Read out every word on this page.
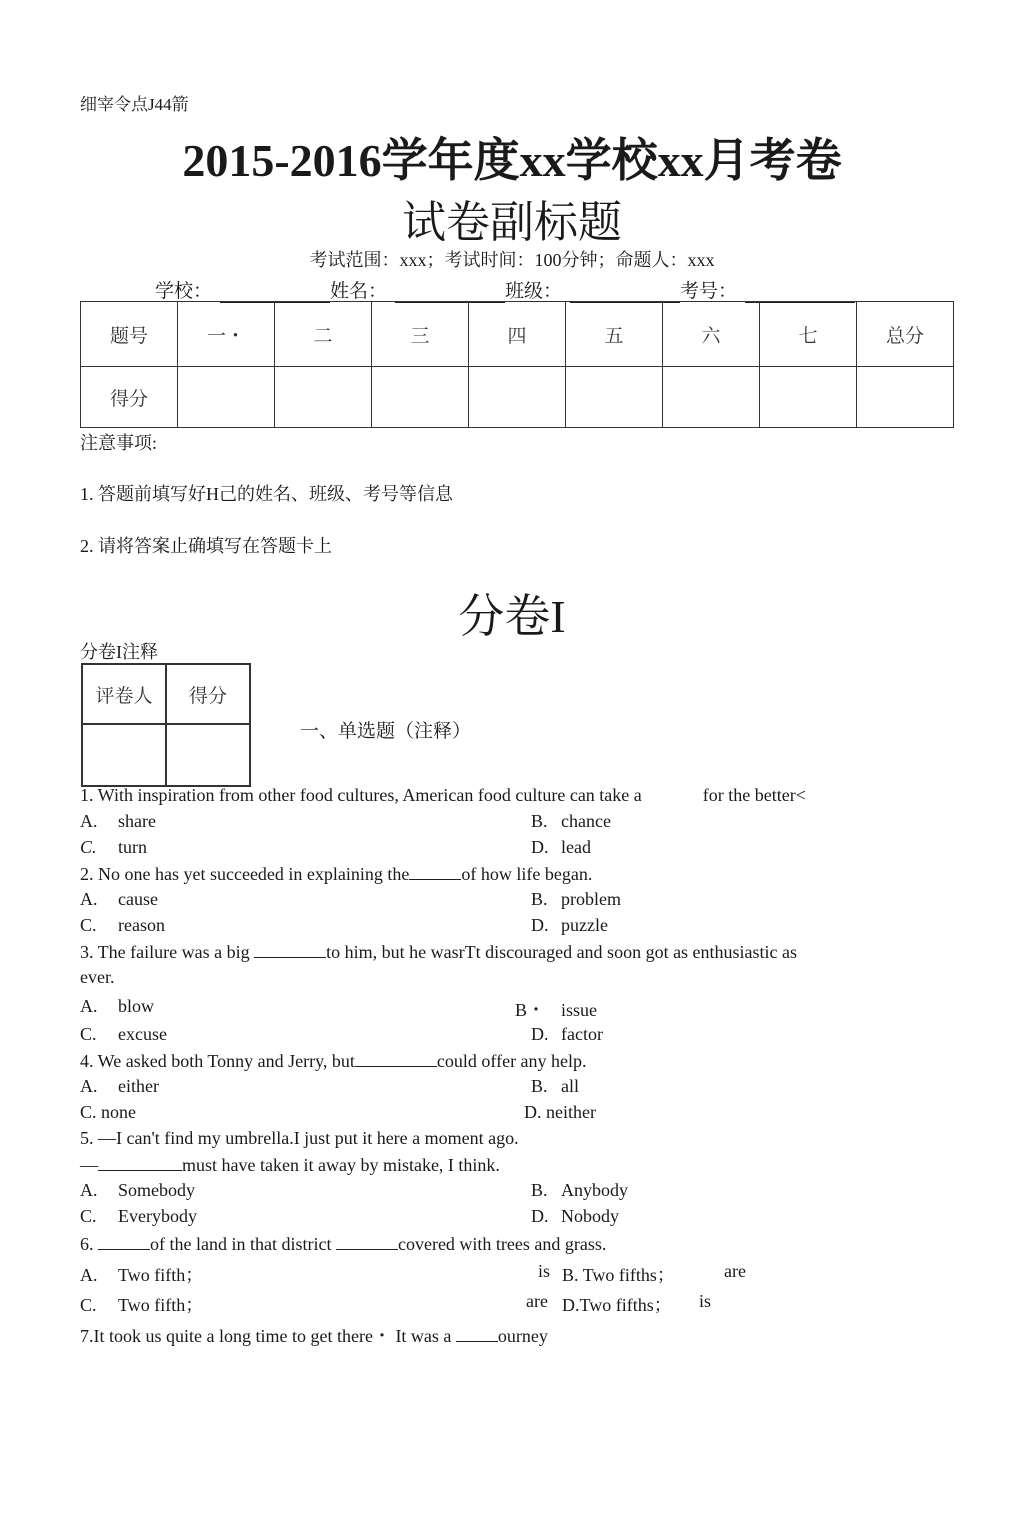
细宰令点J44箭
2015-2016学年度xx学校xx月考卷
试卷副标题
考试范围：xxx；考试时间：100分钟；命题人：xxx
学校：	姓名：	班级：	考号：
题号	一・	二	三	四	五	六	七	总分
得分								
注意事项:
1. 答题前填写好H己的姓名、班级、考号等信息
2. 请将答案止确填写在答题卡上
分卷I
分卷I注释
评卷人	得分

一、单选题（注释）
1. With inspiration from other food cultures, American food culture can take a	for the better<
A. share	B. chance
C. turn	D. lead
2. No one has yet succeeded in explaining the	of how life began.
A. cause	B. problem
C. reason	D. puzzle
3. The failure was a big	to him, but he wasrTt discouraged and soon got as enthusiastic as
ever.
A. blow	B・ issue
C. excuse	D. factor
4. We asked both Tonny and Jerry, but	could offer any help.
A. either	B. all
C. none	D. neither
5. —I can't find my umbrella.I just put it here a moment ago.
—	must have taken it away by mistake, I think.
A. Somebody	B. Anybody
C. Everybody	D. Nobody
6.	of the land in that district	covered with trees and grass.
A. Two fifth；	is B. Two fifths；	are
C. Two fifth；	are D.Two fifths； is
7.It took us quite a long time to get there・ It was a	ourney
